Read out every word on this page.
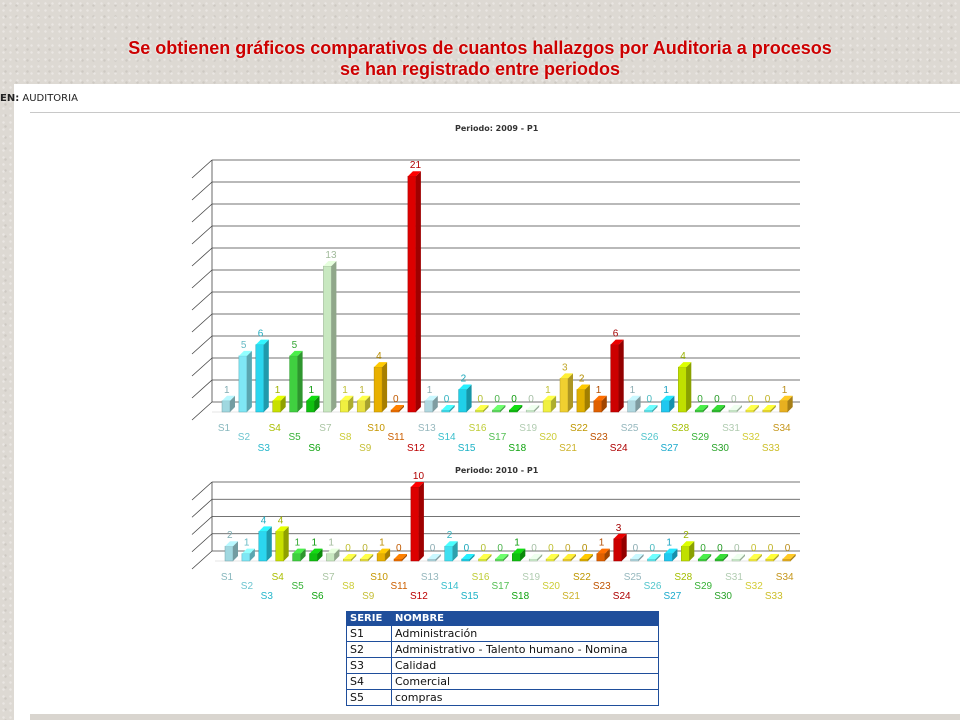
Se obtienen gráficos comparativos de cuantos hallazgos por Auditoria a procesos
se han registrado entre periodos
EN: AUDITORIA
Periodo: 2009 - P1
Periodo: 2010 - P1
1
S1
5
S2
6
S3
1
S4
5
S5
1
S6
13
S7
1
S8
1
S9
4
S10
0
S11
21
S12
1
S13
0
S14
2
S15
0
S16
0
S17
0
S18
0
S19
1
S20
3
S21
2
S22
1
S23
6
S24
1
S25
0
S26
1
S27
4
S28
0
S29
0
S30
0
S31
0
S32
0
S33
1
S34
2
S1
1
S2
4
S3
4
S4
1
S5
1
S6
1
S7
0
S8
0
S9
1
S10
0
S11
10
S12
0
S13
2
S14
0
S15
0
S16
0
S17
1
S18
0
S19
0
S20
0
S21
0
S22
1
S23
3
S24
0
S25
0
S26
1
S27
2
S28
0
S29
0
S30
0
S31
0
S32
0
S33
0
S34
SERIE	NOMBRE
S1	Administración
S2	Administrativo - Talento humano - Nomina
S3	Calidad
S4	Comercial
S5	compras
